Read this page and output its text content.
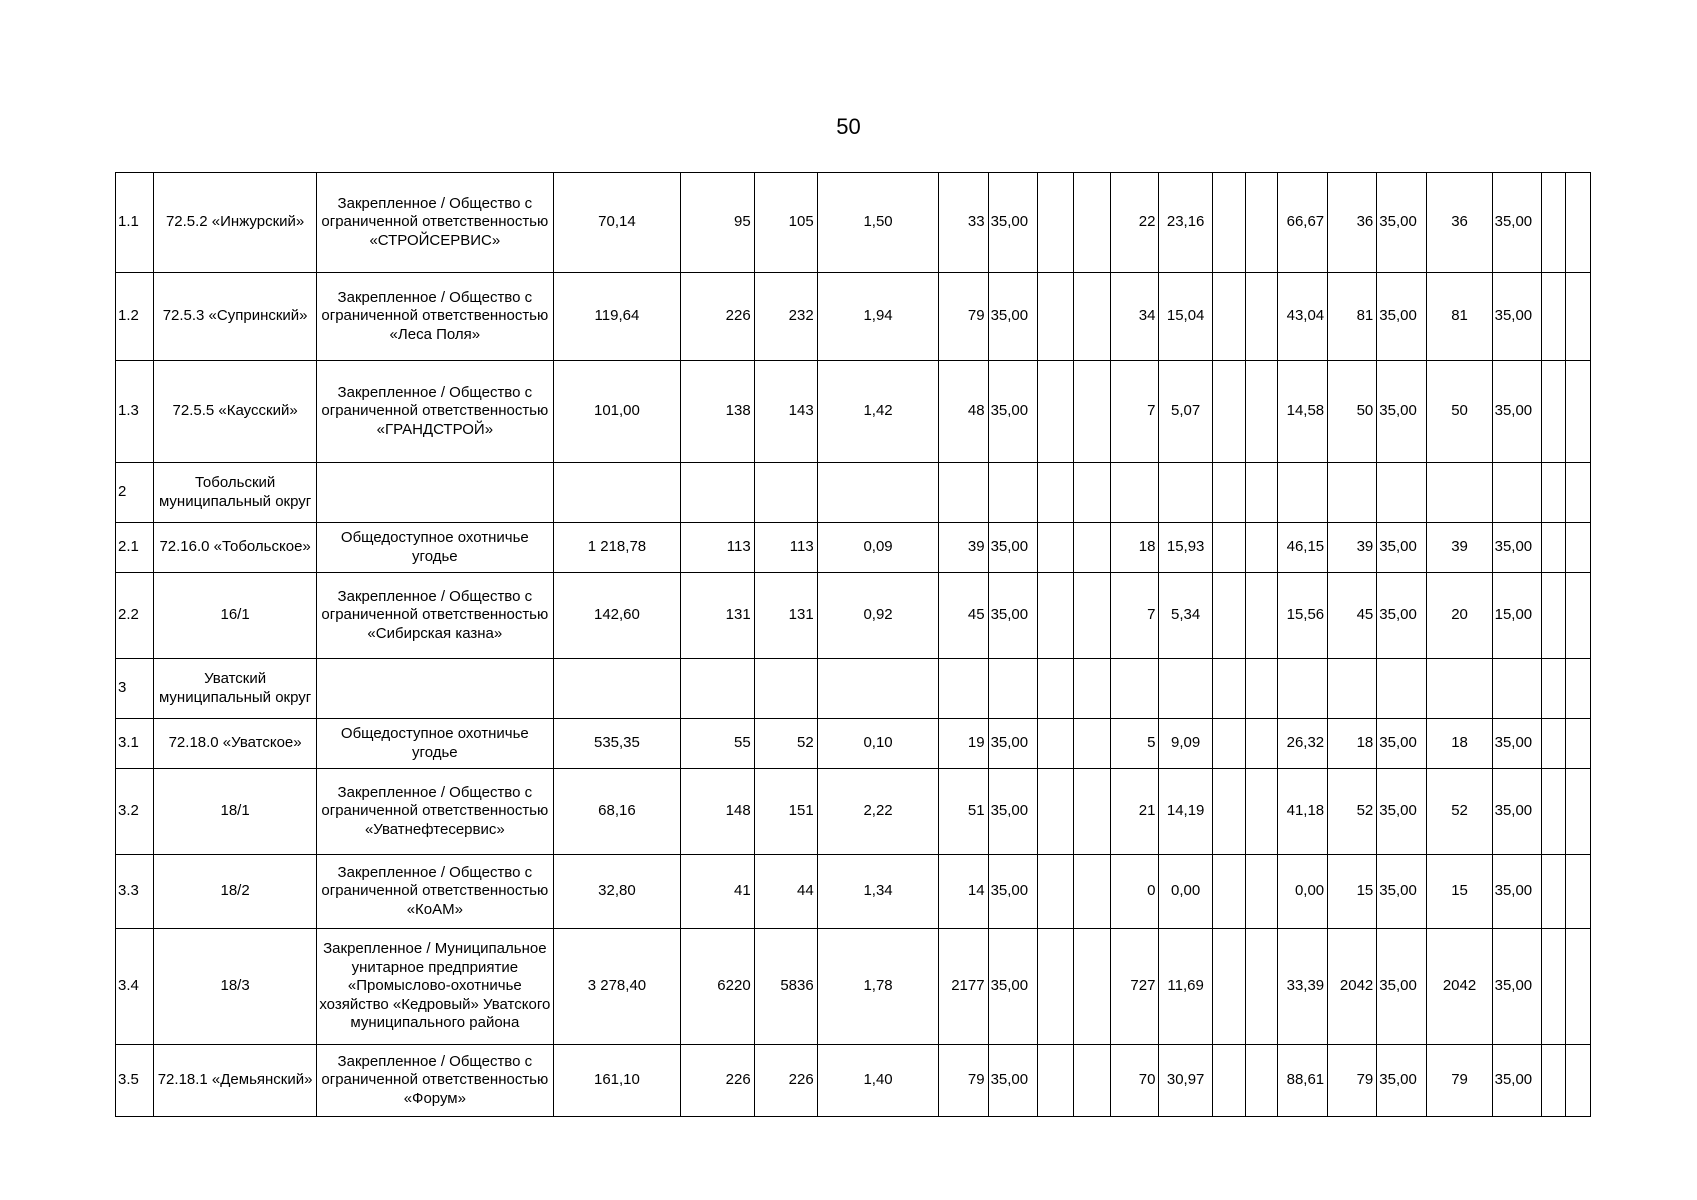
50
1.1	72.5.2 «Инжурский»	Закрепленное / Общество с ограниченной ответственностью «СТРОЙСЕРВИС»	70,14	95	105	1,50	33	35,00			22	23,16			66,67	36	35,00	36	35,00		
1.2	72.5.3 «Супринский»	Закрепленное / Общество с ограниченной ответственностью «Леса Поля»	119,64	226	232	1,94	79	35,00			34	15,04			43,04	81	35,00	81	35,00		
1.3	72.5.5 «Каусский»	Закрепленное / Общество с ограниченной ответственностью «ГРАНДСТРОЙ»	101,00	138	143	1,42	48	35,00			7	5,07			14,58	50	35,00	50	35,00		
2	Тобольский муниципальный округ																				
2.1	72.16.0 «Тобольское»	Общедоступное охотничье угодье	1 218,78	113	113	0,09	39	35,00			18	15,93			46,15	39	35,00	39	35,00		
2.2	16/1	Закрепленное / Общество с ограниченной ответственностью «Сибирская казна»	142,60	131	131	0,92	45	35,00			7	5,34			15,56	45	35,00	20	15,00		
3	Уватский муниципальный округ																				
3.1	72.18.0 «Уватское»	Общедоступное охотничье угодье	535,35	55	52	0,10	19	35,00			5	9,09			26,32	18	35,00	18	35,00		
3.2	18/1	Закрепленное / Общество с ограниченной ответственностью «Уватнефтесервис»	68,16	148	151	2,22	51	35,00			21	14,19			41,18	52	35,00	52	35,00		
3.3	18/2	Закрепленное / Общество с ограниченной ответственностью «КоАМ»	32,80	41	44	1,34	14	35,00			0	0,00			0,00	15	35,00	15	35,00		
3.4	18/3	Закрепленное / Муниципальное унитарное предприятие «Промыслово-охотничье хозяйство «Кедровый» Уватского муниципального района	3 278,40	6220	5836	1,78	2177	35,00			727	11,69			33,39	2042	35,00	2042	35,00		
3.5	72.18.1 «Демьянский»	Закрепленное / Общество с ограниченной ответственностью «Форум»	161,10	226	226	1,40	79	35,00			70	30,97			88,61	79	35,00	79	35,00		
